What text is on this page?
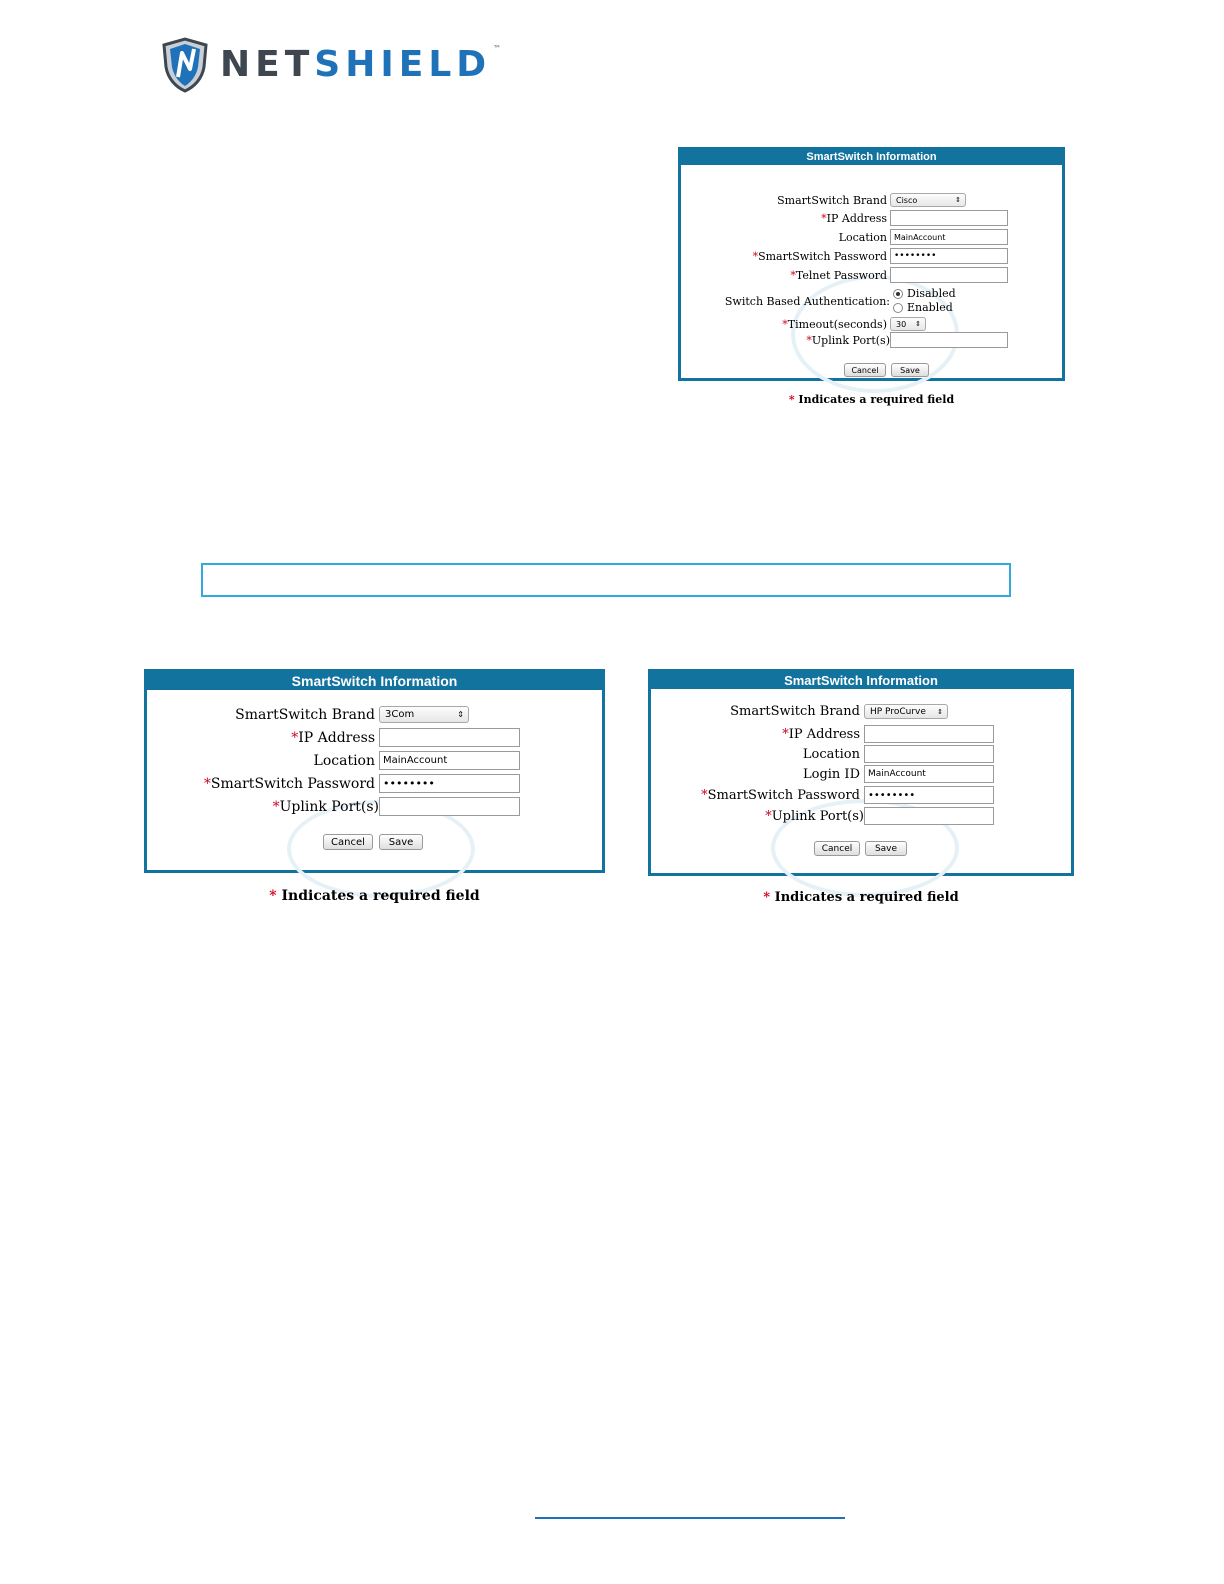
NETSHIELD ™
SmartSwitch Information
SmartSwitch Brand Cisco	⇕
*IP Address
Location MainAccount
*SmartSwitch Password ••••••••
*Telnet Password
Switch Based Authentication:
Disabled
Enabled
*Timeout(seconds) 30 ⇕
*Uplink Port(s)
Cancel	Save
* Indicates a required field
SmartSwitch Information
SmartSwitch Brand 3Com	⇕
*IP Address
Location MainAccount
*SmartSwitch Password ••••••••
*Uplink Port(s)
Cancel	Save
* Indicates a required field
SmartSwitch Information
SmartSwitch Brand HP ProCurve ⇕
*IP Address
Location
Login ID MainAccount
*SmartSwitch Password ••••••••
*Uplink Port(s)
Cancel	Save
* Indicates a required field
